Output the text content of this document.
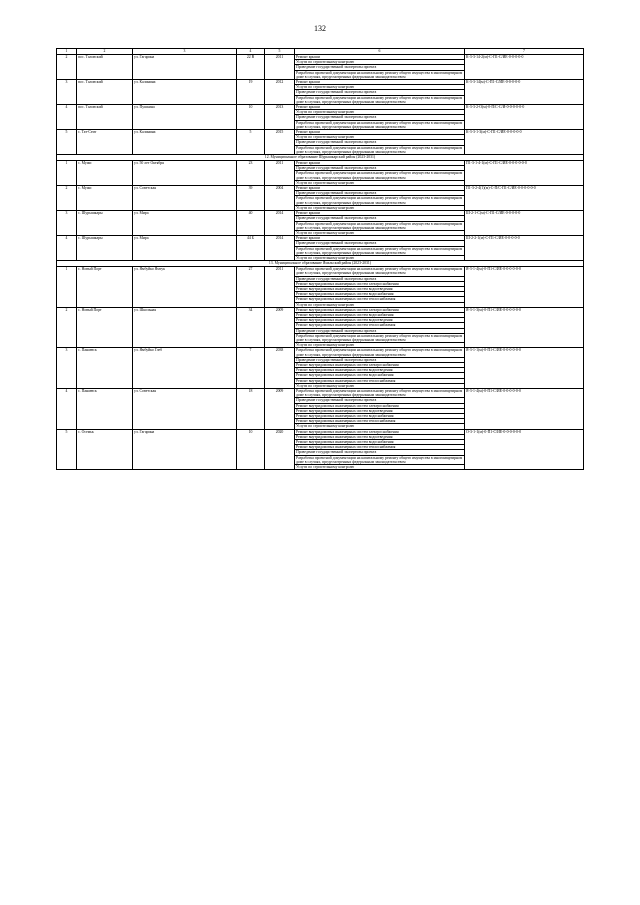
132
1	2	3	4	5	6	7
2	пос. Таловский	ул. Гагарина	22 В	2011	Ремонт крыши	К-3-3-14-2(м)-С-П1-С/ИЕ-0-0-0-0-0
					Услуги по строительному контролю	
					Проведение государственной экспертизы проекта	
					Разработка проектной документации на капитальному ремонту общего имущества в многоквартирном доме в случаях, предусмотренных федеральным законодательством	
3	пос. Таловский	ул. Калинина	19	2012	Ремонт крыши	К-3-3-14(м)-С-П1-С/ИЕ-0-0-0-0-0
					Услуги по строительному контролю	
					Проведение государственной экспертизы проекта	
					Разработка проектной документации на капитальному ремонту общего имущества в многоквартирном доме в случаях, предусмотренных федеральным законодательством	
4	пос. Таловский	ул. Пушкина	10	2013	Ремонт крыши	К-3-3-2-О(м)-0-П/С-С/И-0-0-0-0-0-0
					Услуги по строительному контролю	
					Проведение государственной экспертизы проекта	
					Разработка проектной документации на капитальному ремонту общего имущества в многоквартирном доме в случаях, предусмотренных федеральным законодательством	
5	с. Тат-Сеит	ул. Калинина	5	2015	Ремонт крыши	К-3-3-1-3(м)-С-П1-С/ИЕ-0-0-0-0-0
					Услуги по строительному контролю	
					Проведение государственной экспертизы проекта	
					Разработка проектной документации на капитальному ремонту общего имущества в многоквартирном доме в случаях, предусмотренных федеральным законодательством	
12. Муниципальное образование Шурышкарский район (2023-2031)						
1	с. Мужи	ул. 50 лет Октября	23	2011	Ремонт крыши	П1-3-1-4-1(м)-С-П1-С/ИЕ-0-0-0-0-0-0
					Проведение государственной экспертизы проекта	
					Разработка проектной документации на капитальному ремонту общего имущества в многоквартирном доме в случаях, предусмотренных федеральным законодательством	
					Услуги по строительному контролю	
2	с. Мужи	ул. Советская	39	2004	Ремонт крыши	П1-3-2-4(1)(м)-С-П/С-П1-С/ИЕ-0-0-0-0-0-0
					Проведение государственной экспертизы проекта	
					Разработка проектной документации на капитальному ремонту общего имущества в многоквартирном доме в случаях, предусмотренных федеральным законодательством	
					Услуги по строительному контролю	
3	с. Шурышкары	ул. Мира	40	2014	Ремонт крыши	Ш-2-1-С(м)-С-П1-С/ИЕ-0-0-0-0-0
					Проведение государственной экспертизы проекта	
					Разработка проектной документации на капитальному ремонту общего имущества в многоквартирном доме в случаях, предусмотренных федеральным законодательством	
					Услуги по строительному контролю	
4	с. Шурышкары	ул. Мира	44 Б	2014	Ремонт крыши	Ш-2-2-1(м)-С-П1-С/ИЕ-0-0-0-0-0
					Проведение государственной экспертизы проекта	
					Разработка проектной документации на капитальному ремонту общего имущества в многоквартирном доме в случаях, предусмотренных федеральным законодательством	
					Услуги по строительному контролю	
13. Муниципальное образование Ямальский район (2023-2031)						
1	с. Новый Порт	ул. Ямбуйко Ямтук	27	2011	Разработка проектной документации на капитальному ремонту общего имущества в многоквартирном доме в случаях, предусмотренных федеральным законодательством	Я-3-1-4(м)-0-П1-С/ИЕ-0-0-0-0-0-0
					Проведение государственной экспертизы проекта	
					Ремонт внутридомовых инженерных систем электроснабжения	
					Ремонт внутридомовых инженерных систем водоотведения	
					Ремонт внутридомовых инженерных систем водоснабжения	
					Ремонт внутридомовых инженерных систем теплоснабжения	
					Услуги по строительному контролю	
2	с. Новый Порт	ул. Школьная	34	2009	Ремонт внутридомовых инженерных систем электроснабжения	Я-3-1-3(м)-0-П1-С/ИЕ-0-0-0-0-0-0
					Ремонт внутридомовых инженерных систем водоснабжения	
					Ремонт внутридомовых инженерных систем водоотведения	
					Ремонт внутридомовых инженерных систем теплоснабжения	
					Проведение государственной экспертизы проекта	
					Разработка проектной документации на капитальному ремонту общего имущества в многоквартирном доме в случаях, предусмотренных федеральным законодательством	
					Услуги по строительному контролю	
3	с. Панаевск	ул. Ямбуйко Глеб	7	2038	Разработка проектной документации на капитальному ремонту общего имущества в многоквартирном доме в случаях, предусмотренных федеральным законодательством	Я-3-1-1(м)-0-П1-С/ИЕ-0-0-0-0-0-0
					Проведение государственной экспертизы проекта	
					Ремонт внутридомовых инженерных систем электроснабжения	
					Ремонт внутридомовых инженерных систем водоотведения	
					Ремонт внутридомовых инженерных систем водоснабжения	
					Ремонт внутридомовых инженерных систем теплоснабжения	
					Услуги по строительному контролю	
4	с. Панаевск	ул. Советская	18	2009	Разработка проектной документации на капитальному ремонту общего имущества в многоквартирном доме в случаях, предусмотренных федеральным законодательством	Я-3-1-4(м)-0-П1-С/ИЕ-0-0-0-0-0-0
					Проведение государственной экспертизы проекта	
					Ремонт внутридомовых инженерных систем электроснабжения	
					Ремонт внутридомовых инженерных систем водоотведения	
					Ремонт внутридомовых инженерных систем водоснабжения	
					Ремонт внутридомовых инженерных систем теплоснабжения	
					Услуги по строительному контролю	
5	с. Осемьк	ул. Гагарина	10	2020	Ремонт внутридомовых инженерных систем электроснабжения	О-3-1-1(м)-0-П1-С/ИЕ-0-0-0-0-0-0
					Ремонт внутридомовых инженерных систем водоотведения	
					Ремонт внутридомовых инженерных систем водоснабжения	
					Ремонт внутридомовых инженерных систем теплоснабжения	
					Проведение государственной экспертизы проекта	
					Разработка проектной документации на капитальному ремонту общего имущества в многоквартирном доме в случаях, предусмотренных федеральным законодательством	
					Услуги по строительному контролю	
